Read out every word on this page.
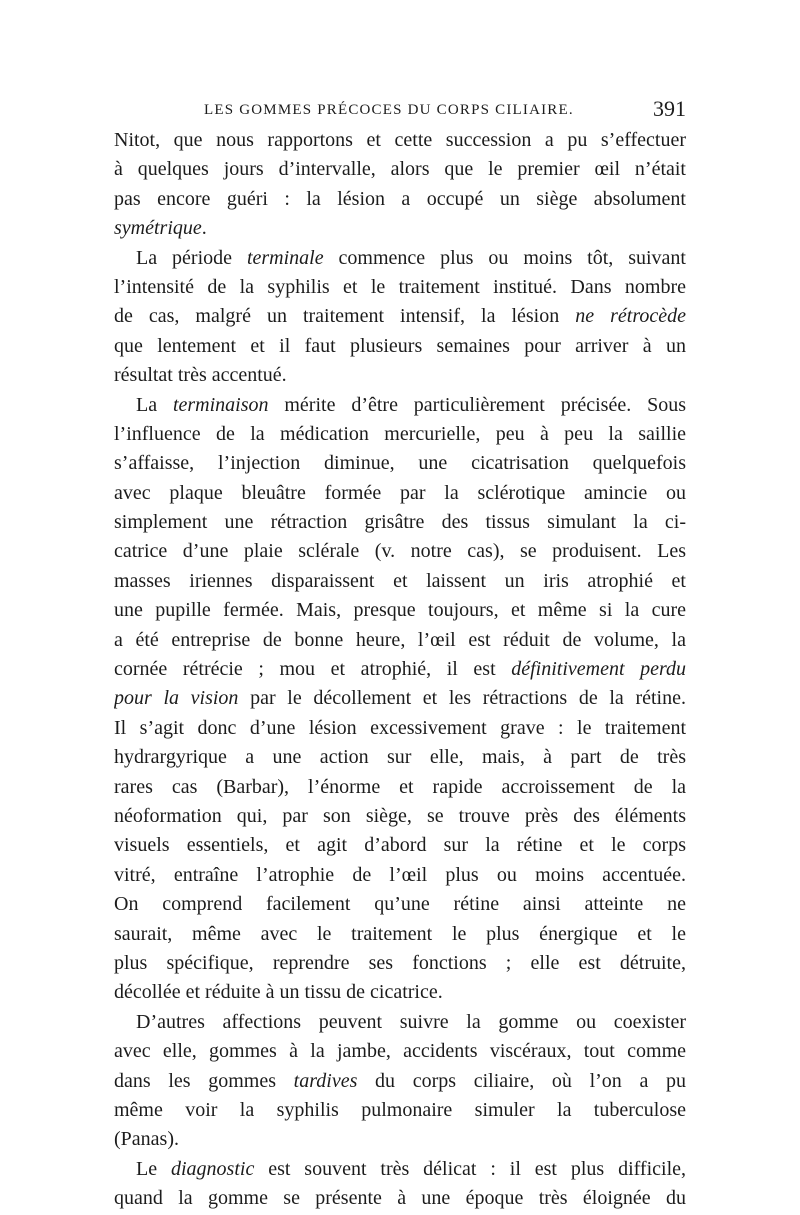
LES GOMMES PRÉCOCES DU CORPS CILIAIRE.	391
Nitot, que nous rapportons et cette succession a pu s’effectuer
à quelques jours d’intervalle, alors que le premier œil n’était
pas encore guéri : la lésion a occupé un siège absolument
symétrique.
La période terminale commence plus ou moins tôt, suivant
l’intensité de la syphilis et le traitement institué. Dans nombre
de cas, malgré un traitement intensif, la lésion ne rétrocède
que lentement et il faut plusieurs semaines pour arriver à un
résultat très accentué.
La terminaison mérite d’être particulièrement précisée. Sous
l’influence de la médication mercurielle, peu à peu la saillie
s’affaisse, l’injection diminue, une cicatrisation quelquefois
avec plaque bleuâtre formée par la sclérotique amincie ou
simplement une rétraction grisâtre des tissus simulant la ci-
catrice d’une plaie sclérale (v. notre cas), se produisent. Les
masses iriennes disparaissent et laissent un iris atrophié et
une pupille fermée. Mais, presque toujours, et même si la cure
a été entreprise de bonne heure, l’œil est réduit de volume, la
cornée rétrécie ; mou et atrophié, il est définitivement perdu
pour la vision par le décollement et les rétractions de la rétine.
Il s’agit donc d’une lésion excessivement grave : le traitement
hydrargyrique a une action sur elle, mais, à part de très
rares cas (Barbar), l’énorme et rapide accroissement de la
néoformation qui, par son siège, se trouve près des éléments
visuels essentiels, et agit d’abord sur la rétine et le corps
vitré, entraîne l’atrophie de l’œil plus ou moins accentuée.
On comprend facilement qu’une rétine ainsi atteinte ne
saurait, même avec le traitement le plus énergique et le
plus spécifique, reprendre ses fonctions ; elle est détruite,
décollée et réduite à un tissu de cicatrice.
D’autres affections peuvent suivre la gomme ou coexister
avec elle, gommes à la jambe, accidents viscéraux, tout comme
dans les gommes tardives du corps ciliaire, où l’on a pu
même voir la syphilis pulmonaire simuler la tuberculose
(Panas).
Le diagnostic est souvent très délicat : il est plus difficile,
quand la gomme se présente à une époque très éloignée du
